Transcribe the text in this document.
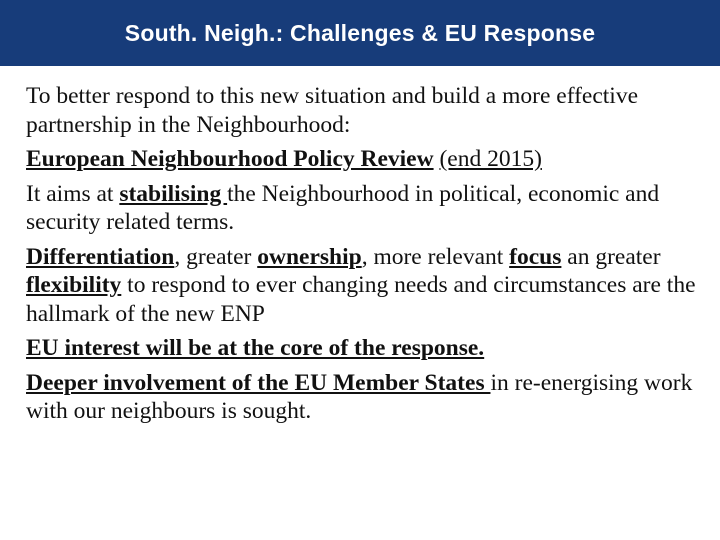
South. Neigh.: Challenges & EU Response

To better respond to this new situation and build a more effective partnership in the Neighbourhood:

European Neighbourhood Policy Review (end 2015)

It aims at stabilising the Neighbourhood in political, economic and security related terms.

Differentiation, greater ownership, more relevant focus an greater flexibility to respond to ever changing needs and circumstances are the hallmark of the new ENP

EU interest will be at the core of the response.

Deeper involvement of the EU Member States in re-energising work with our neighbours is sought.
